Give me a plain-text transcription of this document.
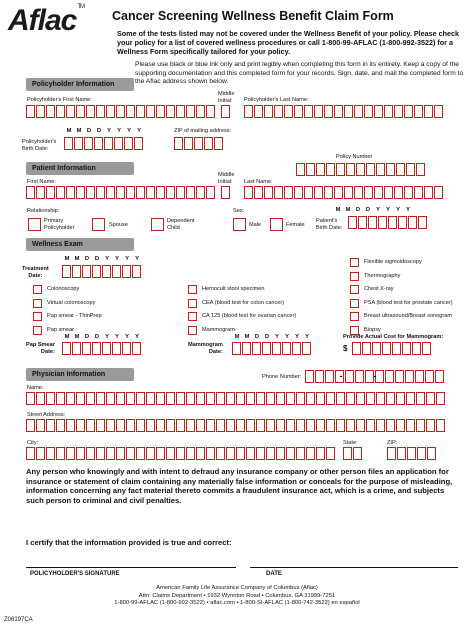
Aflac™
Cancer Screening Wellness Benefit Claim Form
Some of the tests listed may not be covered under the Wellness Benefit of your policy. Please check your policy for a list of covered wellness procedures or call 1-800-99-AFLAC (1-800-992-3522) for a Wellness Form specifically tailored for your policy.
Please use black or blue ink only and print legibly when completing this form in its entirety. Keep a copy of the supporting documentation and this completed form for your records. Sign, date, and mail the completed form to the Aflac address shown below.
Policyholder Information
Policyholder's First Name:
Middle
Initial:	Policyholder's Last Name:
M M D	D	Y	Y	Y	Y	ZIP of mailing address:
Policyholder's
Birth Date:
Patient Information
Policy Number
First Name:
Middle
Initial:	Last Name:
Relationship:	Sex:	M M D	D	Y	Y	Y	Y
Primary
Policyholder	Spouse
Dependent
Child	Male	Female
Patient's
Birth Date:
Wellness Exam
M M D	D	Y	Y	Y	Y
Treatment
Date:
Colonoscopy
Virtual colonoscopy
Pap smear - ThinPrep
Pap smear
Hemocult stool specimen
CEA (blood test for colon cancer)
CA 125 (blood test for ovarian cancer)
Mammogram
Flexible sigmoidoscopy
Thermography
Chest X-ray
PSA (blood test for prostate cancer)
Breast ultrasound/Breast sonogram
Biopsy
M M D	D	Y	Y	Y	Y	M M D	D	Y	Y	Y	Y	Provide Actual Cost for Mammogram:
Pap Smear
Date:
Mammogram
Date:	$
Physician Information	Phone Number:	-	-
Name:
Street Address:
City:	State:	ZIP:
Any person who knowingly and with intent to defraud any insurance company or other person files an application for insurance or statement of claim containing any materially false information or conceals for the purpose of misleading, information concerning any fact material thereto commits a fraudulent insurance act, which is a crime, and subjects such person to criminal and civil penalties.
I certify that the information provided is true and correct:
POLICYHOLDER'S SIGNATURE	DATE
American Family Life Assurance Company of Columbus (Aflac)
Attn: Claims Department • 1932 Wynnton Road • Columbus, GA 31999-7251
1-800-99-AFLAC (1-800-992-3522) • aflac.com • 1-800-SI-AFLAC (1-800-742-3522) en español
Z06197CA
